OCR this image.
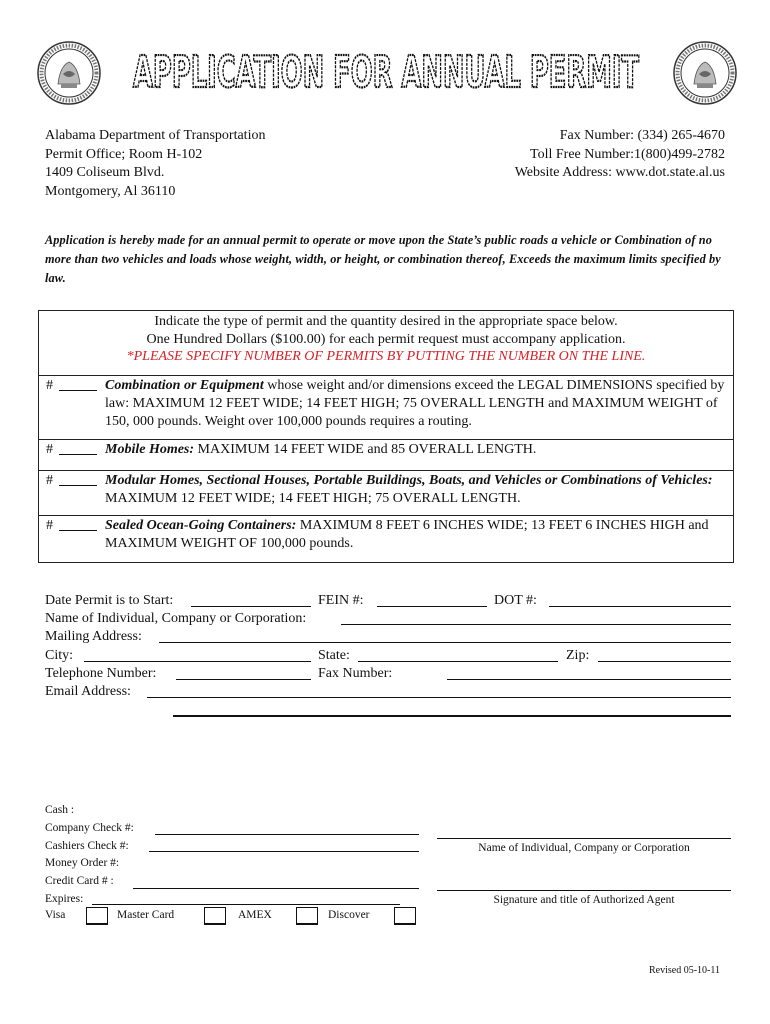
APPLICATION FOR ANNUAL PERMIT
Alabama Department of Transportation
Permit Office; Room H-102
1409 Coliseum Blvd.
Montgomery, Al 36110
Fax Number: (334) 265-4670
Toll Free Number:1(800)499-2782
Website Address: www.dot.state.al.us
Application is hereby made for an annual permit to operate or move upon the State’s public roads a vehicle or Combination of no more than two vehicles and loads whose weight, width, or height, or combination thereof, Exceeds the maximum limits specified by law.
Indicate the type of permit and the quantity desired in the appropriate space below.
One Hundred Dollars ($100.00) for each permit request must accompany application.
*PLEASE SPECIFY NUMBER OF PERMITS BY PUTTING THE NUMBER ON THE LINE.
#	Combination or Equipment whose weight and/or dimensions exceed the LEGAL DIMENSIONS specified by law: MAXIMUM 12 FEET WIDE; 14 FEET HIGH; 75 OVERALL LENGTH and MAXIMUM WEIGHT of 150, 000 pounds. Weight over 100,000 pounds requires a routing.
#	Mobile Homes: MAXIMUM 14 FEET WIDE and 85 OVERALL LENGTH.
#	Modular Homes, Sectional Houses, Portable Buildings, Boats, and Vehicles or Combinations of Vehicles: MAXIMUM 12 FEET WIDE; 14 FEET HIGH; 75 OVERALL LENGTH.
#	Sealed Ocean-Going Containers: MAXIMUM 8 FEET 6 INCHES WIDE; 13 FEET 6 INCHES HIGH and MAXIMUM WEIGHT OF 100,000 pounds.
Date Permit is to Start:	FEIN #:	DOT #:
Name of Individual, Company or Corporation:
Mailing Address:
City:	State:	Zip:
Telephone Number:	Fax Number:
Email Address:
Cash :
Company Check #:
Cashiers Check #:
Money Order #:
Credit Card # :
Expires:
Visa	Master Card	AMEX	Discover
Name of Individual, Company or Corporation
Signature and title of Authorized Agent
Revised 05-10-11
